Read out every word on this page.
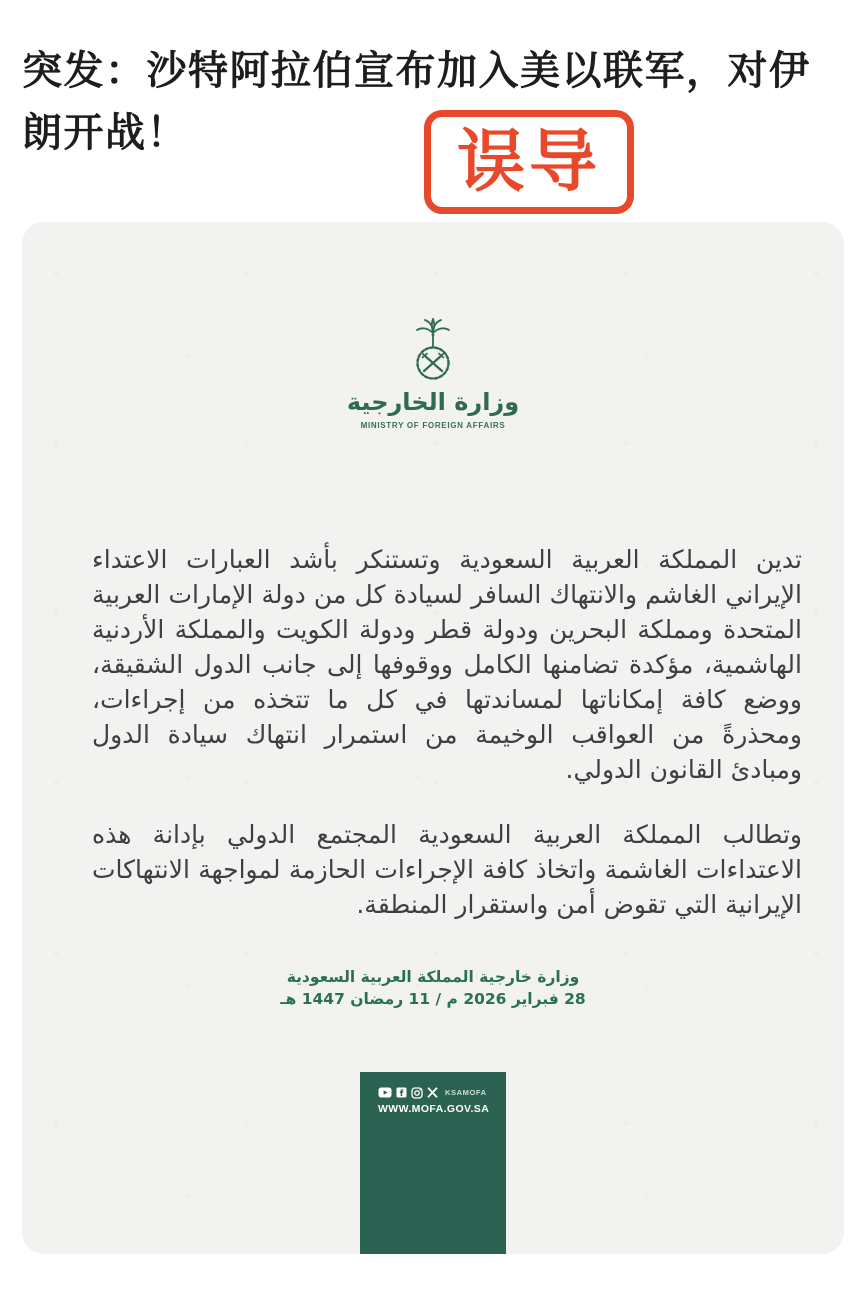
突发：沙特阿拉伯宣布加入美以联军，对伊朗开战！	误导
وزارة الخارجية
MINISTRY OF FOREIGN AFFAIRS

تدين المملكة العربية السعودية وتستنكر بأشد العبارات الاعتداء الإيراني الغاشم والانتهاك السافر لسيادة كل من دولة الإمارات العربية المتحدة ومملكة البحرين ودولة قطر ودولة الكويت والمملكة الأردنية الهاشمية، مؤكدة تضامنها الكامل ووقوفها إلى جانب الدول الشقيقة، ووضع كافة إمكاناتها لمساندتها في كل ما تتخذه من إجراءات، ومحذرةً من العواقب الوخيمة من استمرار انتهاك سيادة الدول ومبادئ القانون الدولي.

وتطالب المملكة العربية السعودية المجتمع الدولي بإدانة هذه الاعتداءات الغاشمة واتخاذ كافة الإجراءات الحازمة لمواجهة الانتهاكات الإيرانية التي تقوض أمن واستقرار المنطقة.

وزارة خارجية المملكة العربية السعودية
28 فبراير 2026 م / 11 رمضان 1447 هـ
KSAMOFA
WWW.MOFA.GOV.SA
